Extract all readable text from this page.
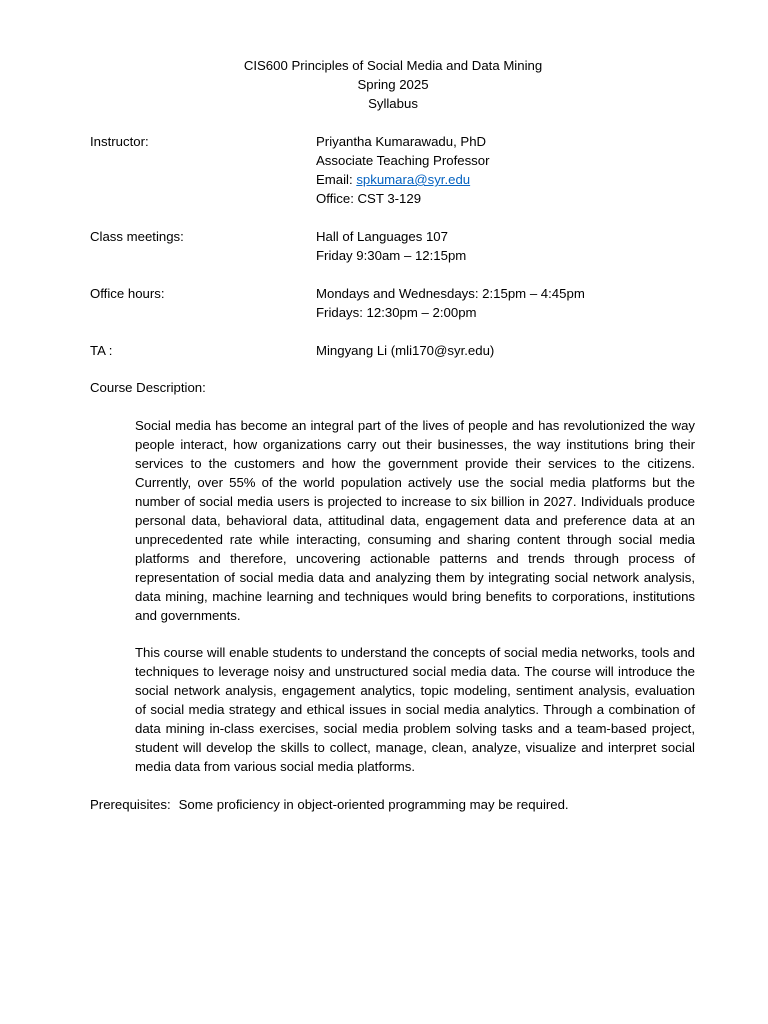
CIS600 Principles of Social Media and Data Mining
Spring 2025
Syllabus
Instructor:	Priyantha Kumarawadu, PhD
Associate Teaching Professor
Email: spkumara@syr.edu
Office: CST 3-129
Class meetings:	Hall of Languages 107
Friday 9:30am – 12:15pm
Office hours:	Mondays and Wednesdays: 2:15pm – 4:45pm
Fridays: 12:30pm – 2:00pm
TA :	Mingyang Li (mli170@syr.edu)
Course Description:

Social media has become an integral part of the lives of people and has revolutionized the way people interact, how organizations carry out their businesses, the way institutions bring their services to the customers and how the government provide their services to the citizens. Currently, over 55% of the world population actively use the social media platforms but the number of social media users is projected to increase to six billion in 2027. Individuals produce personal data, behavioral data, attitudinal data, engagement data and preference data at an unprecedented rate while interacting, consuming and sharing content through social media platforms and therefore, uncovering actionable patterns and trends through process of representation of social media data and analyzing them by integrating social network analysis, data mining, machine learning and techniques would bring benefits to corporations, institutions and governments.

This course will enable students to understand the concepts of social media networks, tools and techniques to leverage noisy and unstructured social media data. The course will introduce the social network analysis, engagement analytics, topic modeling, sentiment analysis, evaluation of social media strategy and ethical issues in social media analytics. Through a combination of data mining in-class exercises, social media problem solving tasks and a team-based project, student will develop the skills to collect, manage, clean, analyze, visualize and interpret social media data from various social media platforms.

Prerequisites: Some proficiency in object-oriented programming may be required.
